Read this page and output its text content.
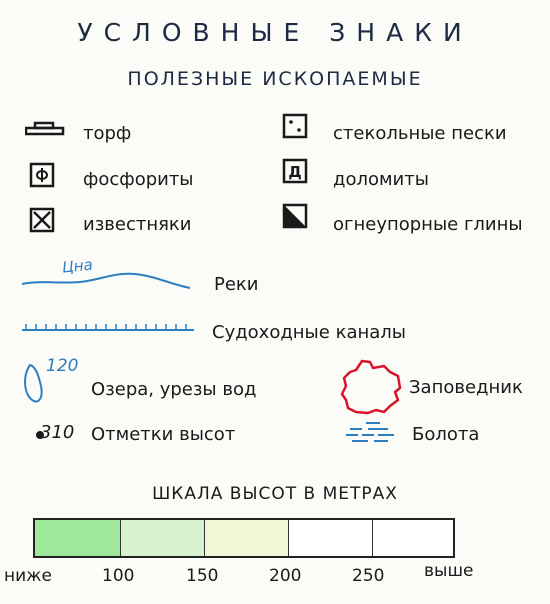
УСЛОВНЫЕ ЗНАКИ
ПОЛЕЗНЫЕ ИСКОПАЕМЫЕ
торф
фосфориты
известняки
стекольные пески
Д доломиты
огнеупорные глины
Цна
Реки
Судоходные каналы
120
Озера, урезы вод	Заповедник
310 Отметки высот	Болота
ШКАЛА ВЫСОТ В МЕТРАХ
ниже	100	150	200	250 выше
